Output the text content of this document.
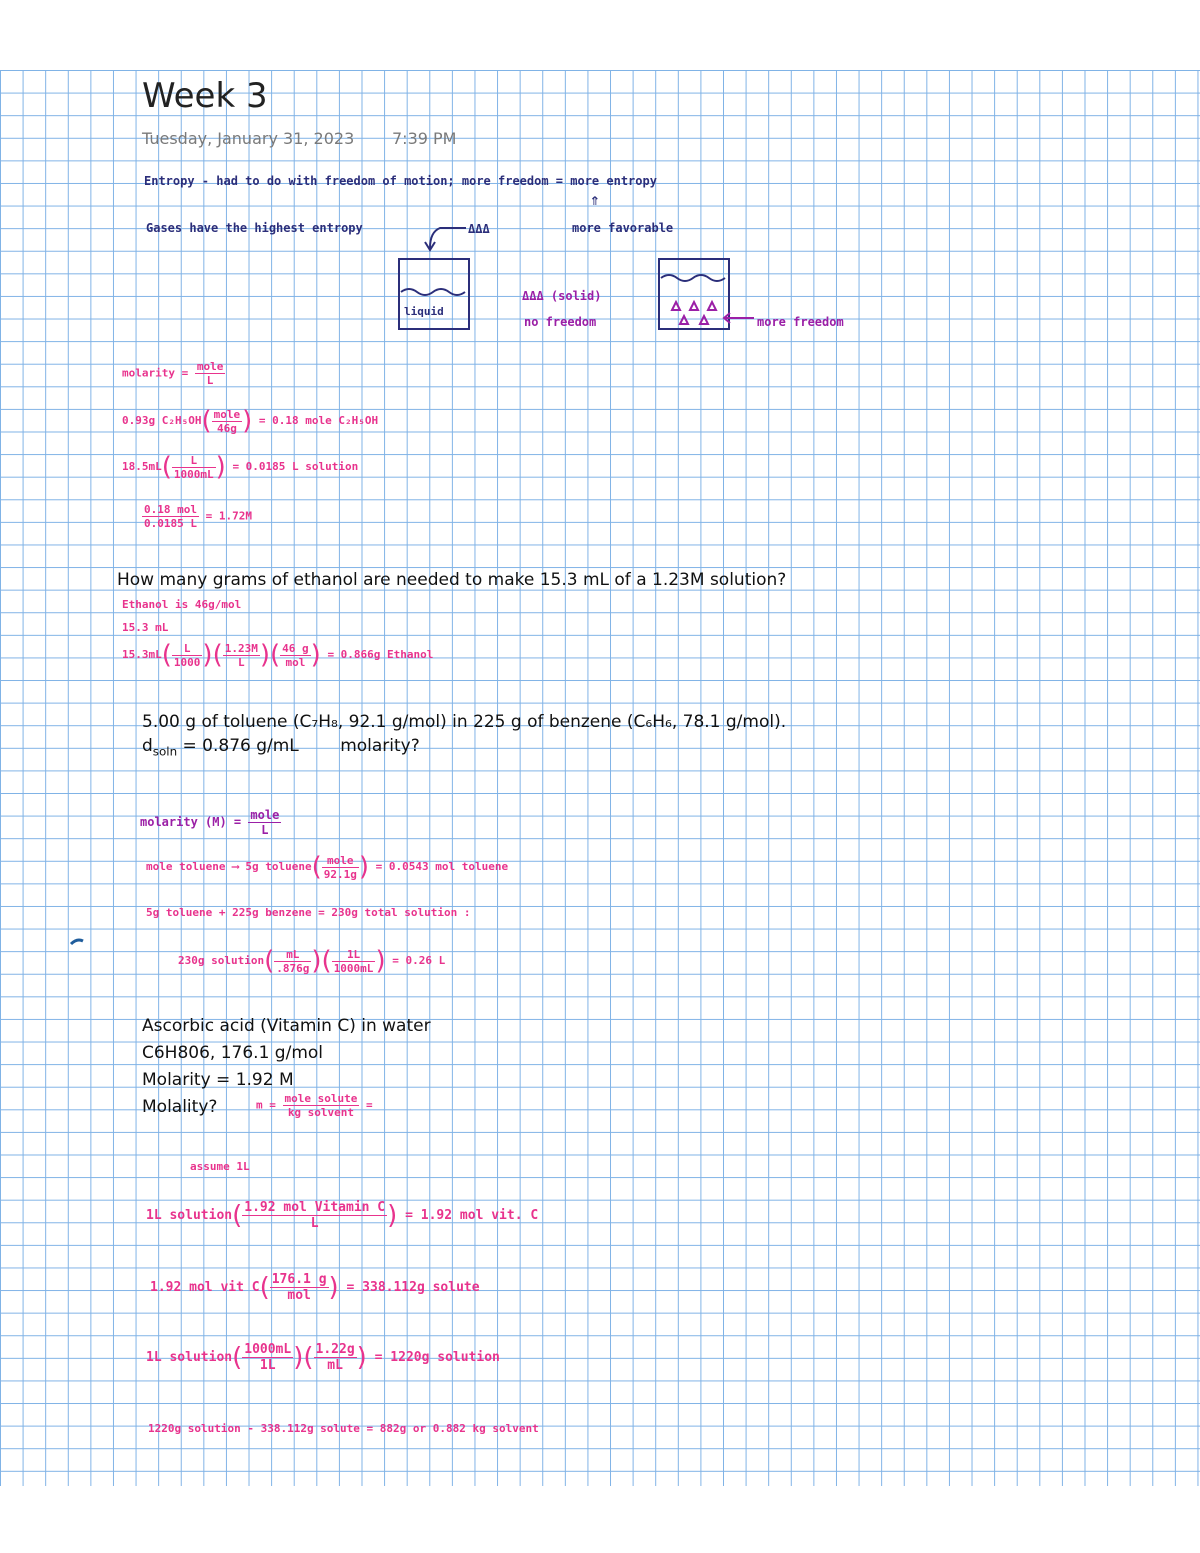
Week 3
Tuesday, January 31, 2023 7:39 PM
Entropy - had to do with freedom of motion; more freedom = more entropy
⇑
Gases have the highest entropy	ΔΔΔ	more favorable
liquid
ΔΔΔ (solid)
no freedom	more freedom
molarity = $\frac{\text{mole}}{L}$
0.93g $C_2H_5OH( \frac{\text{mole}}{46g}$ ) = 0.18 mole C₂H₅OH
$18.5mL( \frac{L}{1000mL}$ ) = 0.0185 L solution
$\frac{\text{0.18 mol}}{0.0185 L} = 1.72M$
How many grams of ethanol are needed to make 15.3 mL of a 1.23M solution?
Ethanol is 46g/mol
15.3 mL
$15.3mL( \frac{L}{1000}$ )( $\frac{1.23M}{L}$ )( $\frac{46 g}{\text{mol}}$ ) = 0.866g Ethanol
5.00 g of toluene (C₇H₈, 92.1 g/mol) in 225 g of benzene (C₆H₆, 78.1 g/mol).
$d_{soln} = 0.876$ g/mL molarity?
molarity $(M) = \frac{\text{mole}}{L}$
mole toluene ⟶ 5g toluene( $\frac{\text{mole}}{92.1g}$ ) = 0.0543 mol toluene
5g toluene + 225g benzene = 230g total solution :
230g solution( $\frac{mL}{.876g}$ )( $\frac{1L}{1000mL}$ ) = 0.26 L
Ascorbic acid (Vitamin C) in water
C6H806, 176.1 g/mol
Molarity = 1.92 M
Molality?	$m = \frac{\text{mole solute}}{\text{kg solvent}}$ =
assume 1L
1L solution( $\frac{\text{1.92 mol Vitamin C}}{L}$ ) = 1.92 mol vit. C
1.92 mol vit $C( \frac{176.1 g}{\text{mol}}$ ) = 338.112g solute
1L solution( $\frac{1000mL}{1L}$ )( $\frac{1.22g}{mL}$ ) = 1220g solution
1220g solution - 338.112g solute = 882g or 0.882 kg solvent
